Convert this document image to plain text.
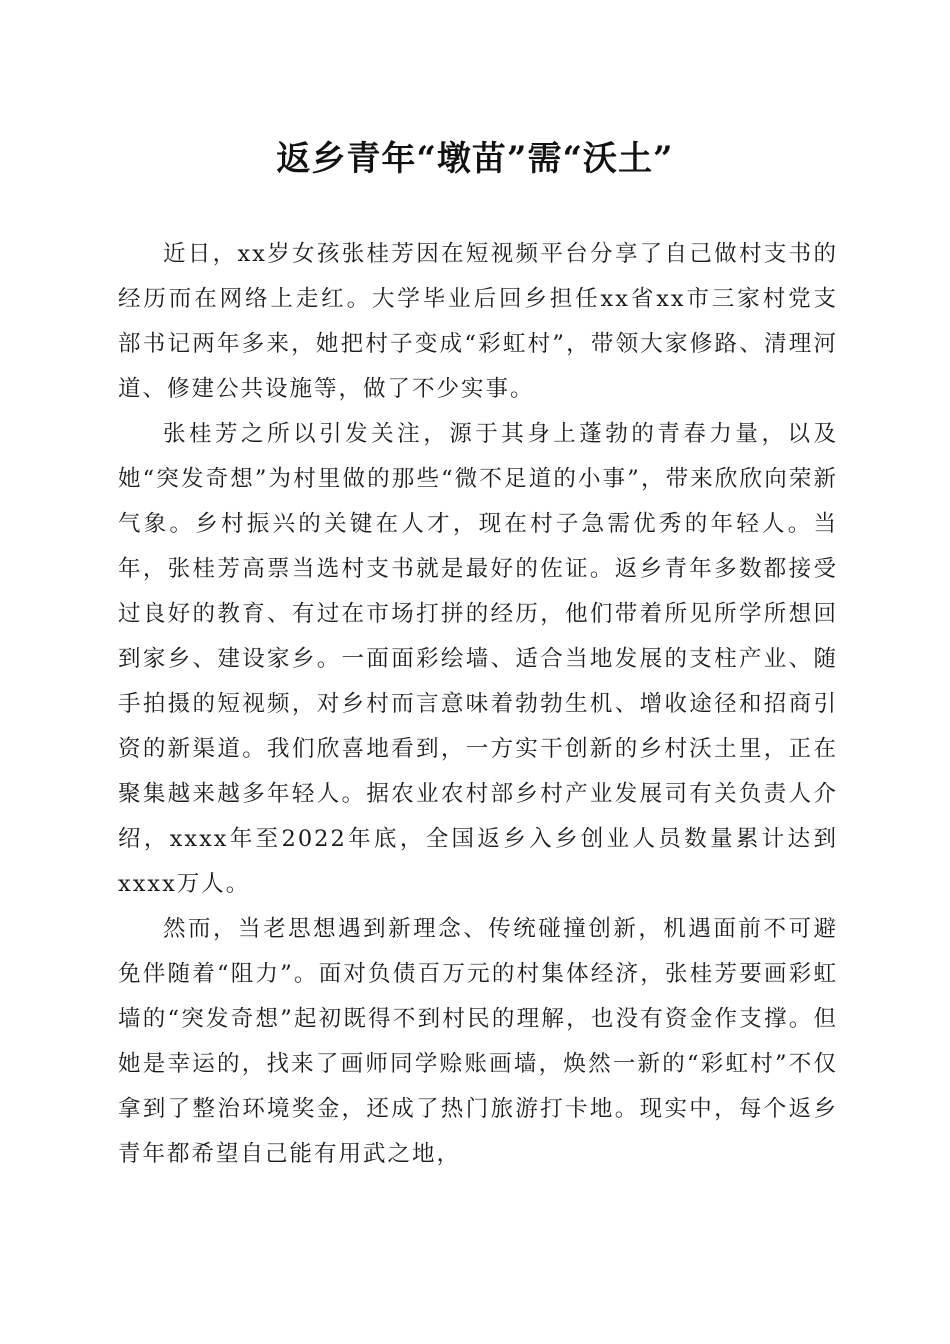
返乡青年“墩苗”需“沃土”

近日，xx岁女孩张桂芳因在短视频平台分享了自己做村支书的经历而在网络上走红。大学毕业后回乡担任xx省xx市三家村党支部书记两年多来，她把村子变成“彩虹村”，带领大家修路、清理河道、修建公共设施等，做了不少实事。

张桂芳之所以引发关注，源于其身上蓬勃的青春力量，以及她“突发奇想”为村里做的那些“微不足道的小事”，带来欣欣向荣新气象。乡村振兴的关键在人才，现在村子急需优秀的年轻人。当年，张桂芳高票当选村支书就是最好的佐证。返乡青年多数都接受过良好的教育、有过在市场打拼的经历，他们带着所见所学所想回到家乡、建设家乡。一面面彩绘墙、适合当地发展的支柱产业、随手拍摄的短视频，对乡村而言意味着勃勃生机、增收途径和招商引资的新渠道。我们欣喜地看到，一方实干创新的乡村沃土里，正在聚集越来越多年轻人。据农业农村部乡村产业发展司有关负责人介绍，xxxx年至2022年底，全国返乡入乡创业人员数量累计达到xxxx万人。

然而，当老思想遇到新理念、传统碰撞创新，机遇面前不可避免伴随着“阻力”。面对负债百万元的村集体经济，张桂芳要画彩虹墙的“突发奇想”起初既得不到村民的理解，也没有资金作支撑。但她是幸运的，找来了画师同学赊账画墙，焕然一新的“彩虹村”不仅拿到了整治环境奖金，还成了热门旅游打卡地。现实中，每个返乡青年都希望自己能有用武之地，
